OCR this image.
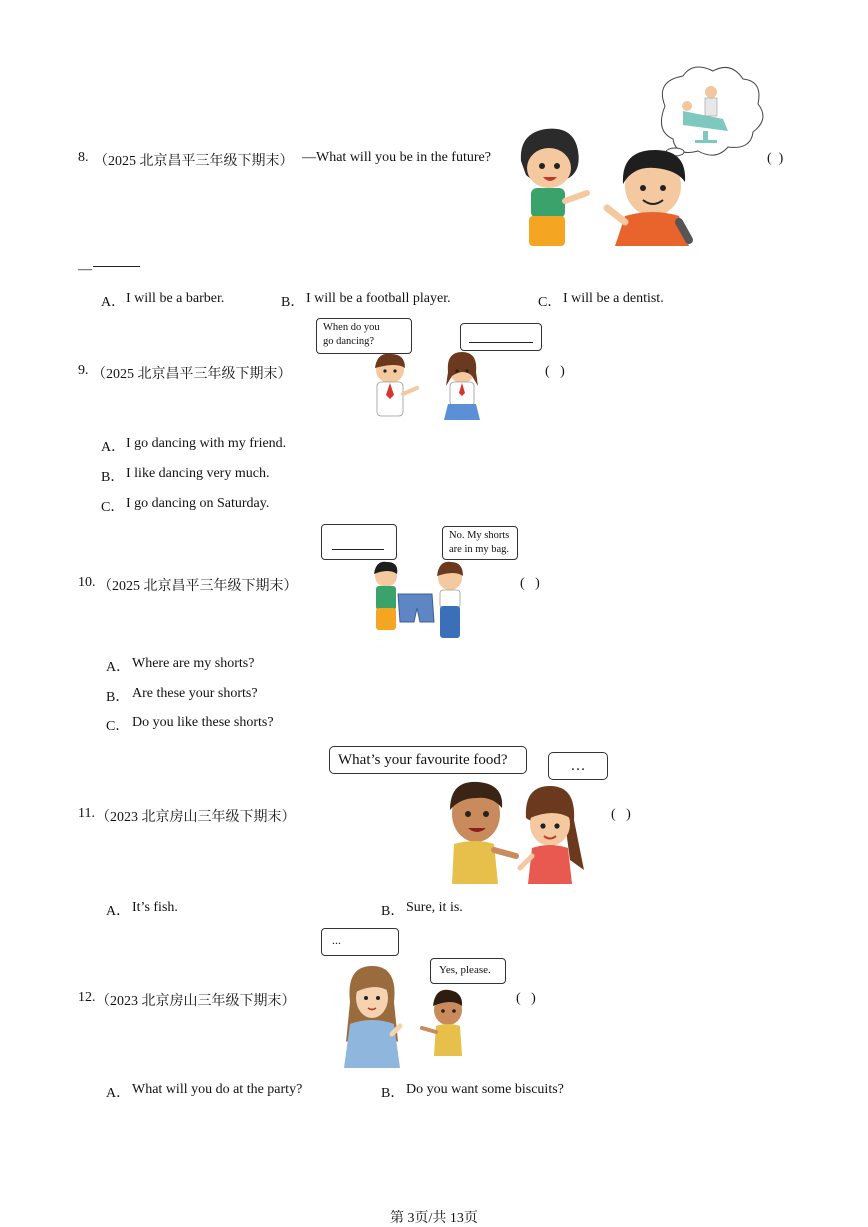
8. （2025 北京昌平三年级下期末） —What will you be in the future?	(  )
—
A． I will be a barber.	B． I will be a football player.	C． I will be a dentist.
When do you
go dancing?
9. （2025 北京昌平三年级下期末）	(   )
A． I go dancing with my friend.
B． I like dancing very much.
C． I go dancing on Saturday.
No. My shorts
are in my bag.
10. （2025 北京昌平三年级下期末）	(   )
A． Where are my shorts?
B． Are these your shorts?
C． Do you like these shorts?
What’s your favourite food?	…
11. （2023 北京房山三年级下期末）	(   )
A． It’s fish.	B． Sure, it is.
...
Yes, please.
12. （2023 北京房山三年级下期末）	(   )
A． What will you do at the party?	B． Do you want some biscuits?
第 3页/共 13页
